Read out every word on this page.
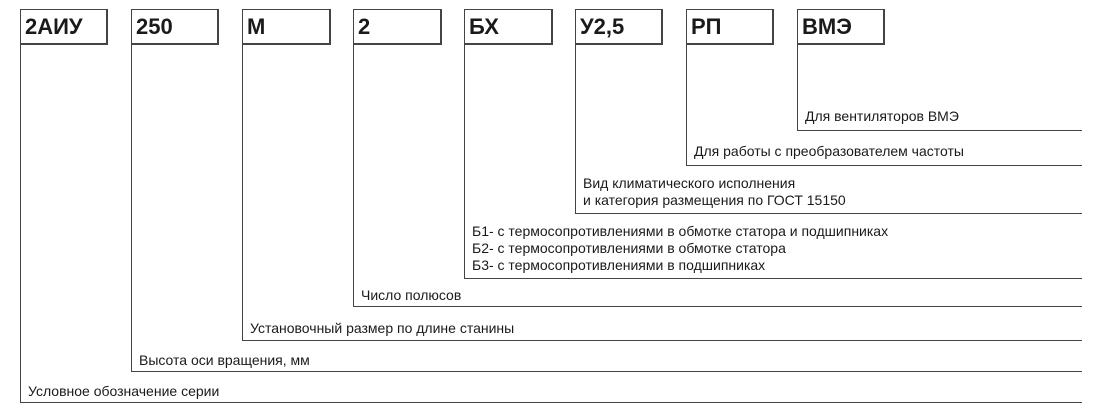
2АИУ	250	М	2	БХ	У2,5	РП	ВМЭ
Для вентиляторов ВМЭ
Для работы с преобразователем частоты
Вид климатического исполнения
и категория размещения по ГОСТ 15150
Б1- с термосопротивлениями в обмотке статора и подшипниках
Б2- с термосопротивлениями в обмотке статора
Б3- с термосопротивлениями в подшипниках
Число полюсов
Установочный размер по длине станины
Высота оси вращения, мм
Условное обозначение серии
